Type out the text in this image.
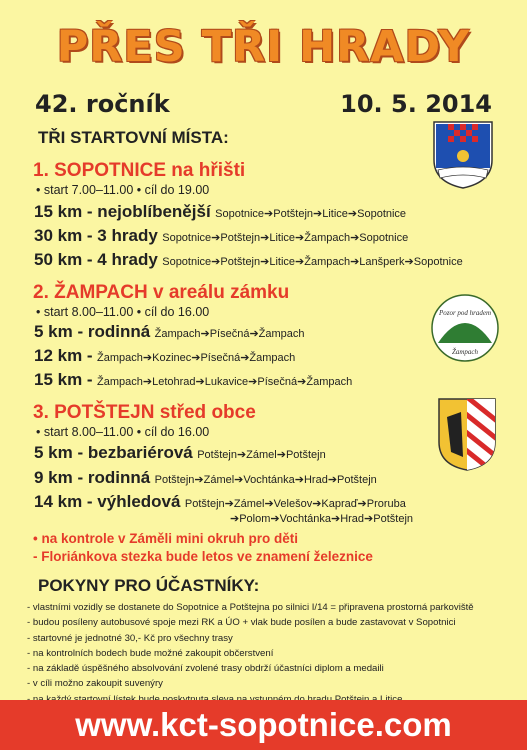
PŘES TŘI HRADY
42. ročník	10. 5. 2014
TŘI STARTOVNÍ MÍSTA:
Pozor pod hradem
Žampach
1. SOPOTNICE na hřišti
• start 7.00–11.00 • cíl do 19.00
15 km - nejoblíbenější Sopotnice➔Potštejn➔Litice➔Sopotnice
30 km - 3 hrady Sopotnice➔Potštejn➔Litice➔Žampach➔Sopotnice
50 km - 4 hrady Sopotnice➔Potštejn➔Litice➔Žampach➔Lanšperk➔Sopotnice
2. ŽAMPACH v areálu zámku
• start 8.00–11.00 • cíl do 16.00
5 km - rodinná Žampach➔Písečná➔Žampach
12 km - Žampach➔Kozinec➔Písečná➔Žampach
15 km - Žampach➔Letohrad➔Lukavice➔Písečná➔Žampach
3. POTŠTEJN střed obce
• start 8.00–11.00 • cíl do 16.00
5 km - bezbariérová Potštejn➔Zámel➔Potštejn
9 km - rodinná Potštejn➔Zámel➔Vochtánka➔Hrad➔Potštejn
14 km - výhledová Potštejn➔Zámel➔Velešov➔Kapraď➔Proruba
➔Polom➔Vochtánka➔Hrad➔Potštejn
• na kontrole v Záměli mini okruh pro děti
- Floriánkova stezka bude letos ve znamení železnice
POKYNY PRO ÚČASTNÍKY:
- vlastními vozidly se dostanete do Sopotnice a Potštejna po silnici I/14 = připravena prostorná parkoviště
- budou posíleny autobusové spoje mezi RK a ÚO + vlak bude posílen a bude zastavovat v Sopotnici
- startovné je jednotné 30,- Kč pro všechny trasy
- na kontrolních bodech bude možné zakoupit občerstvení
- na základě úspěšného absolvování zvolené trasy obdrží účastníci diplom a medaili
- v cíli možno zakoupit suvenýry
www.kct-sopotnice.com
